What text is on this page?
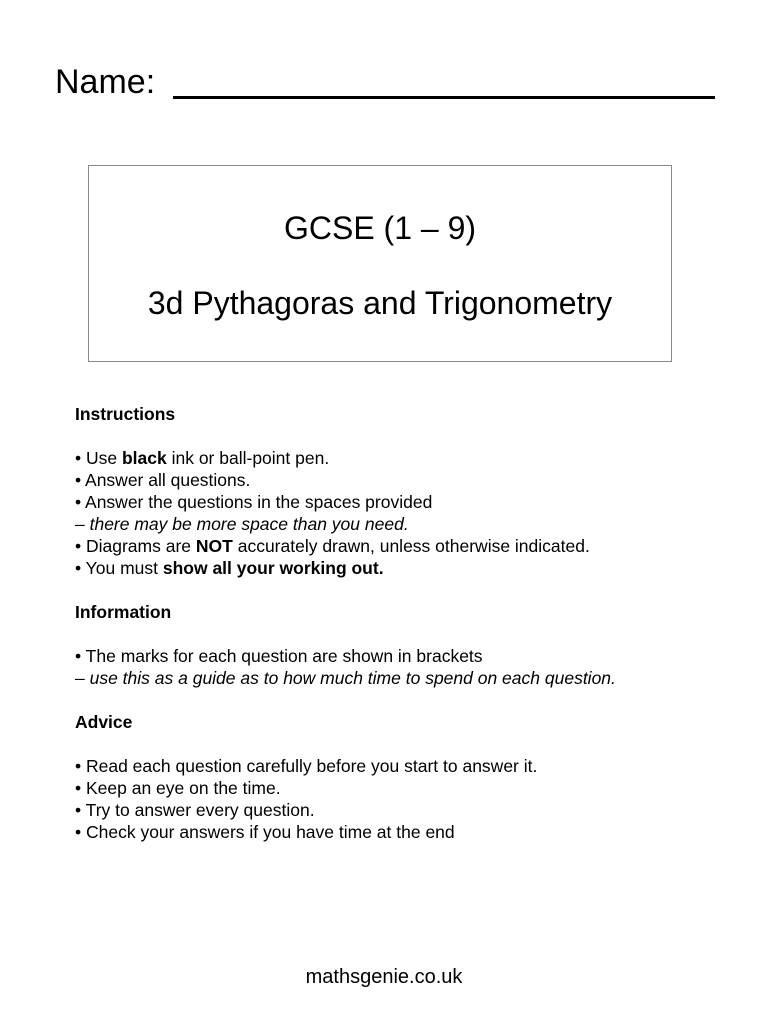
Name:
GCSE (1 – 9)
3d Pythagoras and Trigonometry

Instructions

• Use black ink or ball-point pen.

• Answer all questions.

• Answer the questions in the spaces provided

– there may be more space than you need.

• Diagrams are NOT accurately drawn, unless otherwise indicated.

• You must show all your working out.

Information

• The marks for each question are shown in brackets

– use this as a guide as to how much time to spend on each question.

Advice

• Read each question carefully before you start to answer it.

• Keep an eye on the time.

• Try to answer every question.

• Check your answers if you have time at the end

mathsgenie.co.uk
